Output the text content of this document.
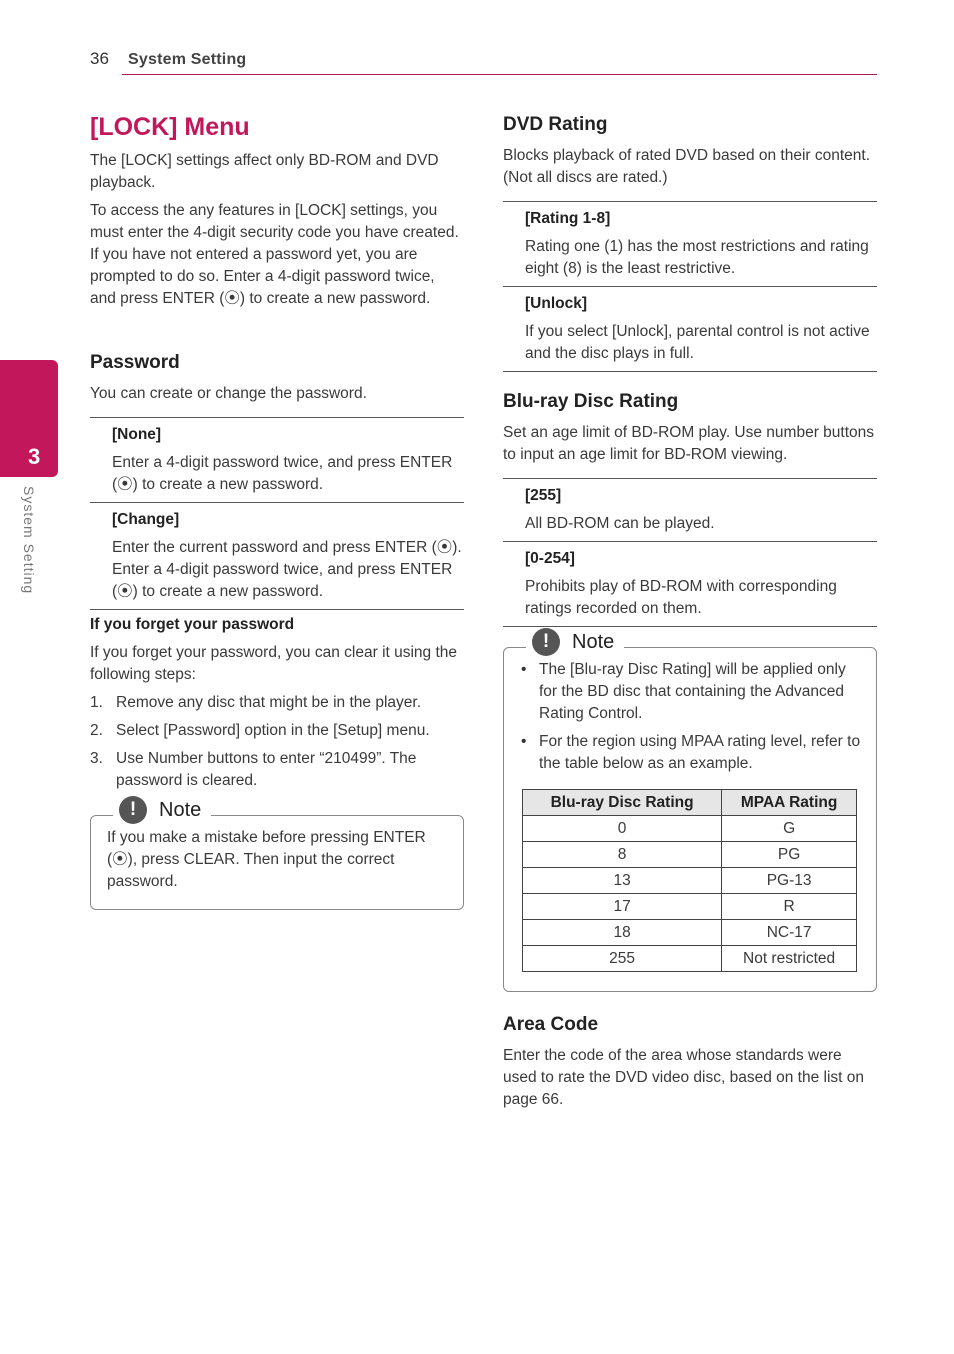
36 System Setting
3
System Setting
[LOCK] Menu

The [LOCK] settings affect only BD-ROM and DVD playback.

To access the any features in [LOCK] settings, you must enter the 4-digit security code you have created.

If you have not entered a password yet, you are prompted to do so. Enter a 4-digit password twice, and press ENTER (⦿) to create a new password.

Password

You can create or change the password.

[None]
Enter a 4-digit password twice, and press ENTER (⦿) to create a new password.
[Change]
Enter the current password and press ENTER (⦿). Enter a 4-digit password twice, and press ENTER (⦿) to create a new password.
If you forget your password

If you forget your password, you can clear it using the following steps:

1. Remove any disc that might be in the player.
2. Select [Password] option in the [Setup] menu.
3. Use Number buttons to enter “210499”. The password is cleared.
!	Note

If you make a mistake before pressing ENTER (⦿), press CLEAR. Then input the correct password.

DVD Rating

Blocks playback of rated DVD based on their content. (Not all discs are rated.)

[Rating 1-8]
Rating one (1) has the most restrictions and rating eight (8) is the least restrictive.
[Unlock]
If you select [Unlock], parental control is not active and the disc plays in full.
Blu-ray Disc Rating

Set an age limit of BD-ROM play. Use number buttons to input an age limit for BD-ROM viewing.

[255]
All BD-ROM can be played.
[0-254]
Prohibits play of BD-ROM with corresponding ratings recorded on them.
!	Note
• The [Blu-ray Disc Rating] will be applied only for the BD disc that containing the Advanced Rating Control.
• For the region using MPAA rating level, refer to the table below as an example.
Blu-ray Disc Rating	MPAA Rating
0	G
8	PG
13	PG-13
17	R
18	NC-17
255	Not restricted
Area Code

Enter the code of the area whose standards were used to rate the DVD video disc, based on the list on page 66.
